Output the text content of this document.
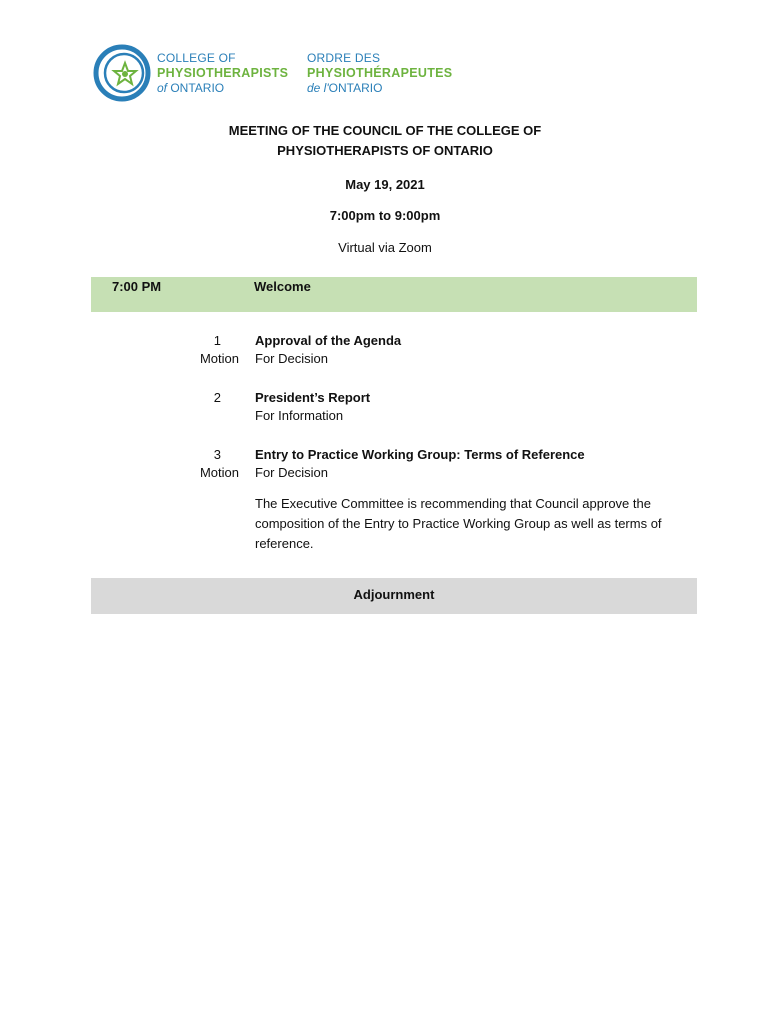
COLLEGE OF
PHYSIOTHERAPISTS
of ONTARIO
ORDRE DES
PHYSIOTHÉRAPEUTES
de l'ONTARIO
MEETING OF THE COUNCIL OF THE COLLEGE OF
PHYSIOTHERAPISTS OF ONTARIO
May 19, 2021
7:00pm to 9:00pm
Virtual via Zoom
7:00 PM	Welcome
1
Motion
Approval of the Agenda
For Decision
2	President’s Report
For Information
3
Motion
Entry to Practice Working Group: Terms of Reference
For Decision
The Executive Committee is recommending that Council approve the composition of the Entry to Practice Working Group as well as terms of reference.
Adjournment
